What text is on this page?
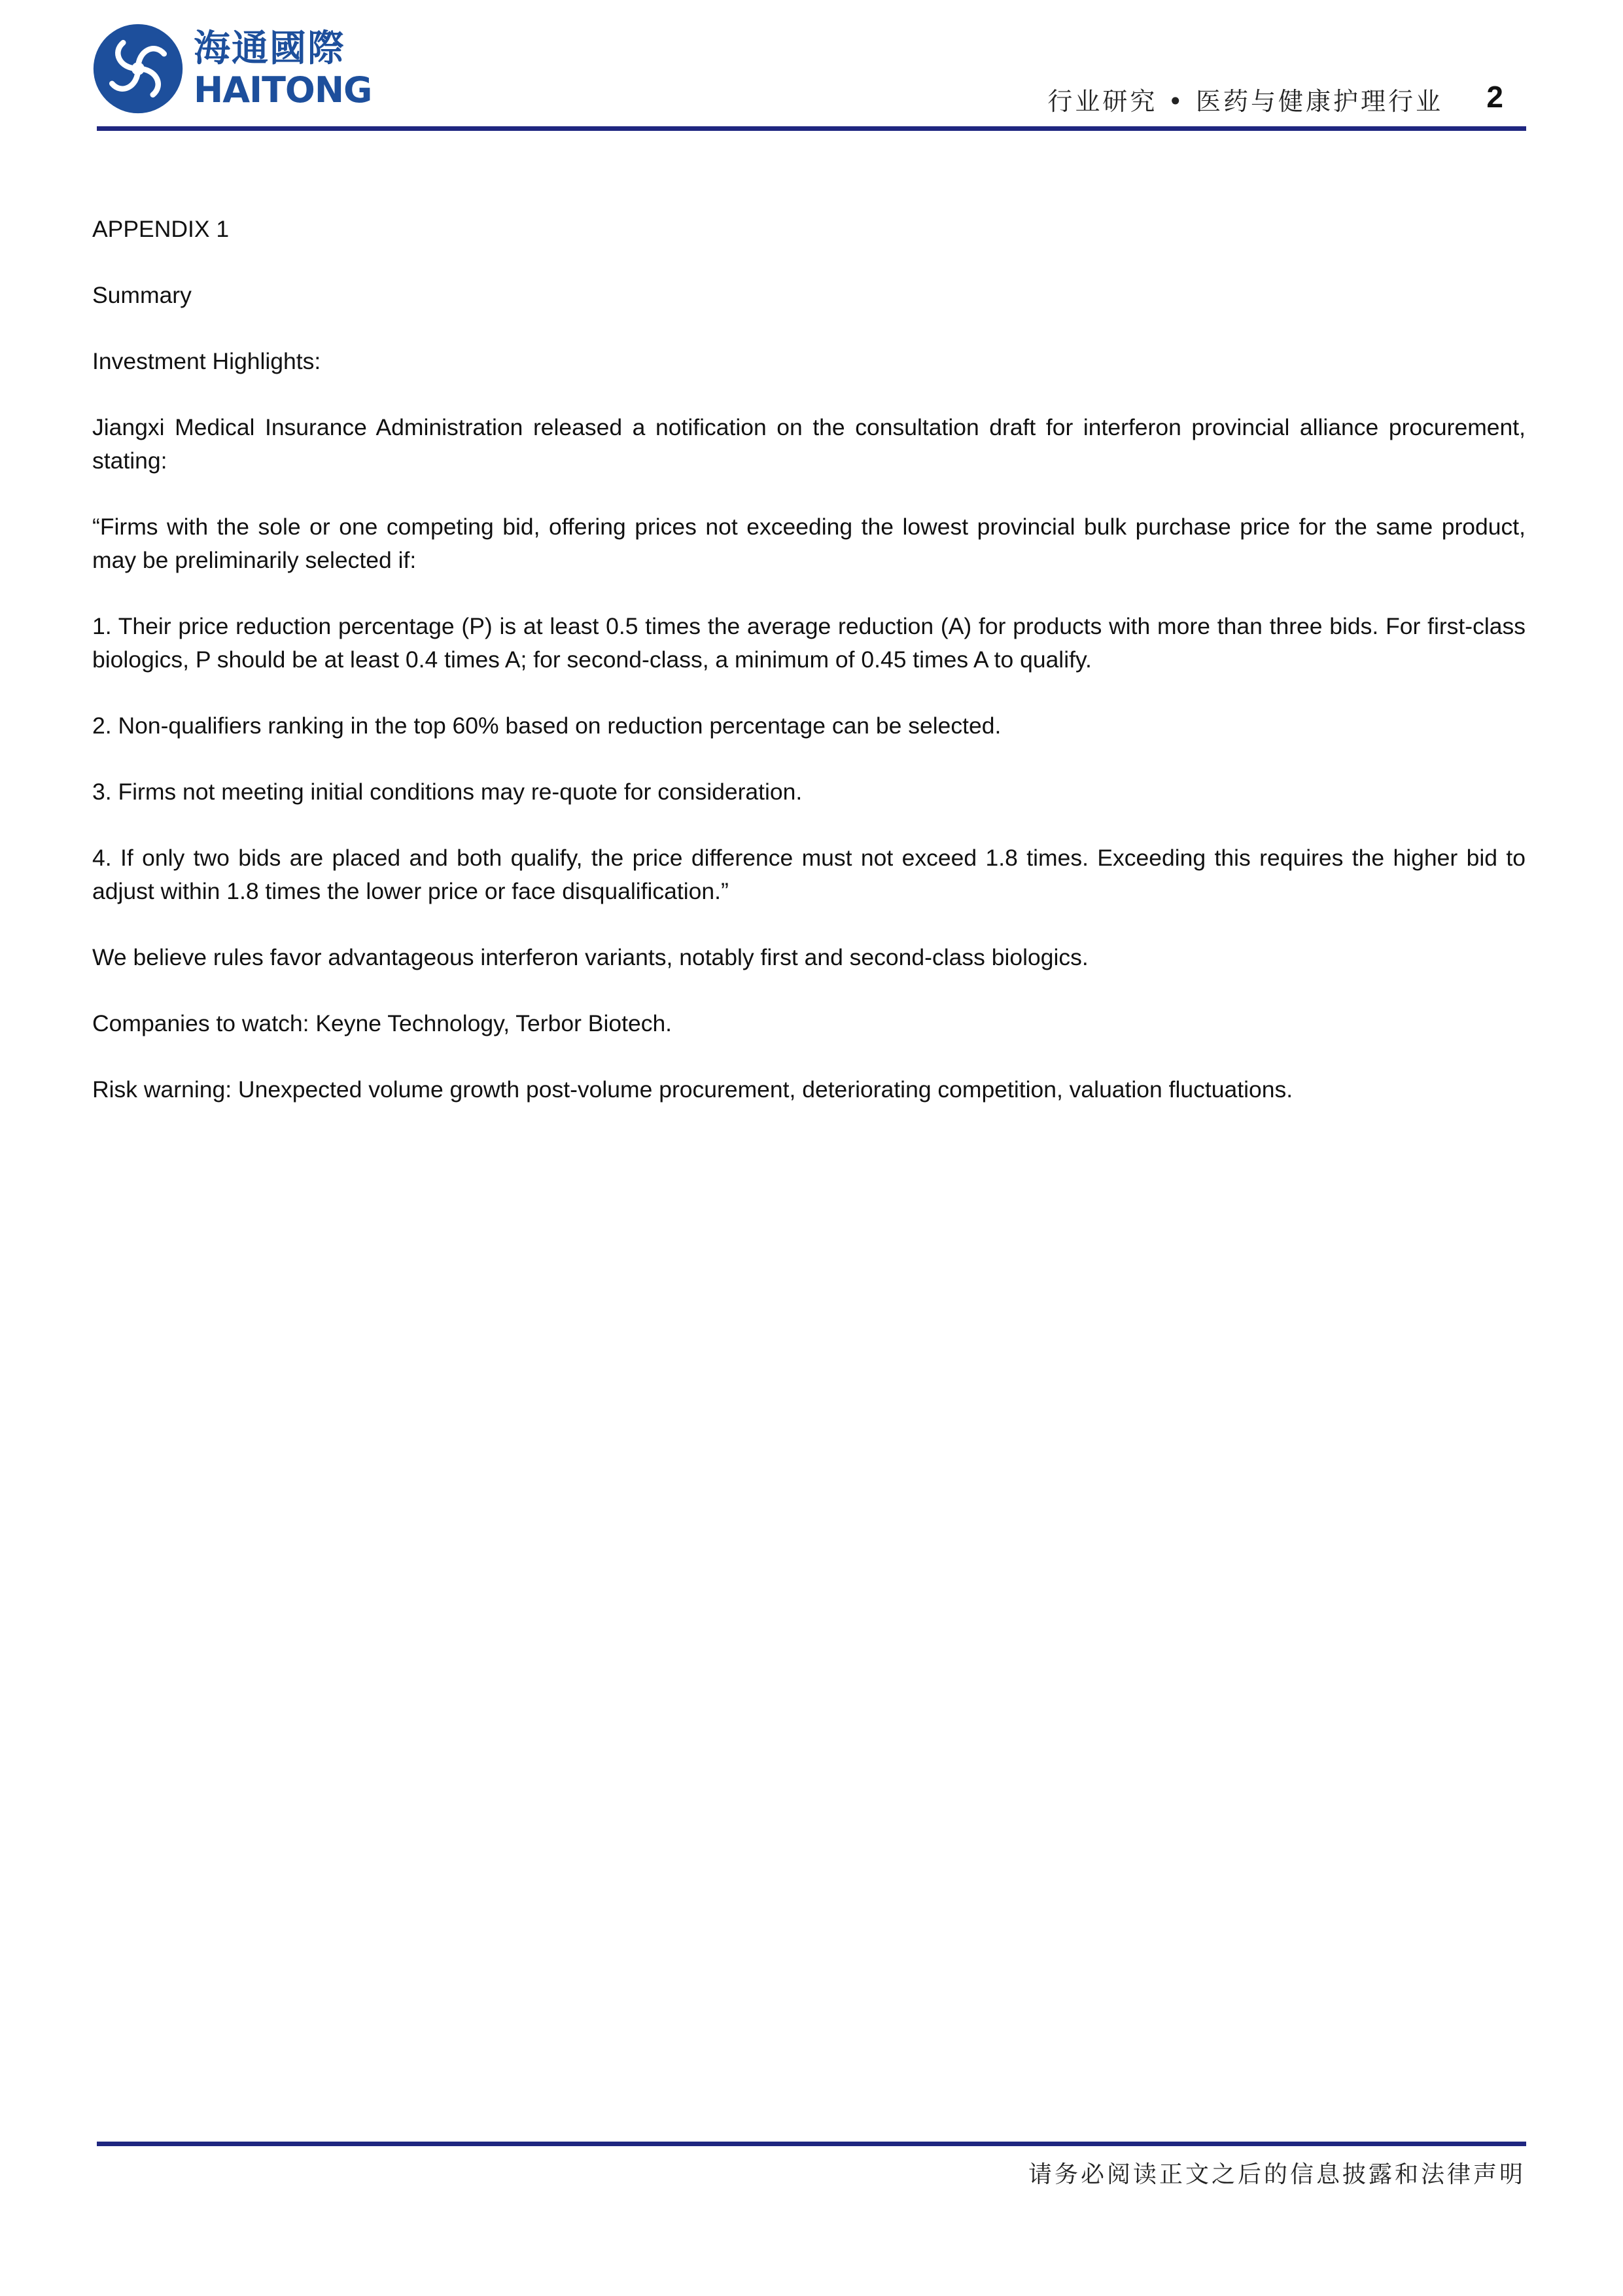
海通國際
HAITONG	行业研究 • 医药与健康护理行业 2

APPENDIX 1

Summary

Investment Highlights:

Jiangxi Medical Insurance Administration released a notification on the consultation draft for interferon provincial alliance procurement, stating:

“Firms with the sole or one competing bid, offering prices not exceeding the lowest provincial bulk purchase price for the same product, may be preliminarily selected if:

1. Their price reduction percentage (P) is at least 0.5 times the average reduction (A) for products with more than three bids. For first-class biologics, P should be at least 0.4 times A; for second-class, a minimum of 0.45 times A to qualify.

2. Non-qualifiers ranking in the top 60% based on reduction percentage can be selected.

3. Firms not meeting initial conditions may re-quote for consideration.

4. If only two bids are placed and both qualify, the price difference must not exceed 1.8 times. Exceeding this requires the higher bid to adjust within 1.8 times the lower price or face disqualification.”

We believe rules favor advantageous interferon variants, notably first and second-class biologics.

Companies to watch: Keyne Technology, Terbor Biotech.

Risk warning: Unexpected volume growth post-volume procurement, deteriorating competition, valuation fluctuations.

请务必阅读正文之后的信息披露和法律声明
